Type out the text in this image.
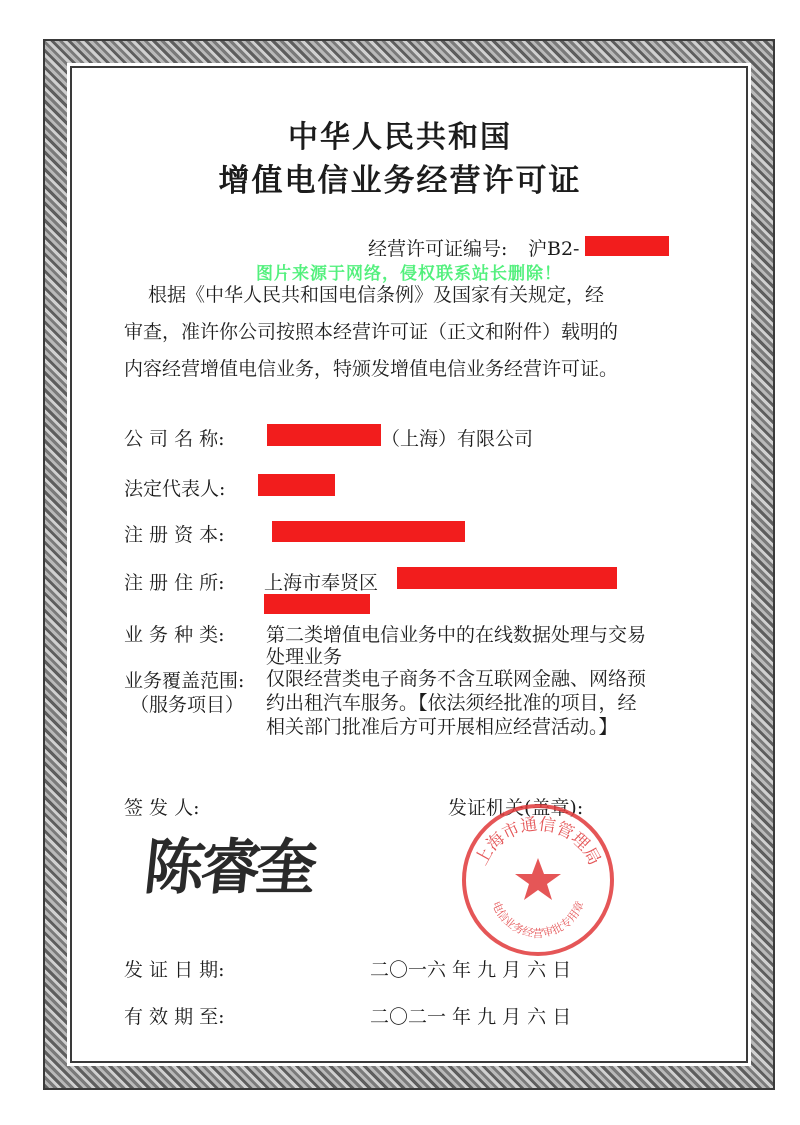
中华人民共和国
增值电信业务经营许可证
经营许可证编号: 沪B2-
图片来源于网络，侵权联系站长删除！
根据《中华人民共和国电信条例》及国家有关规定，经
审查，准许你公司按照本经营许可证（正文和附件）载明的
内容经营增值电信业务，特颁发增值电信业务经营许可证。
公 司 名 称:	（上海）有限公司
法定代表人:
注 册 资 本:
注 册 住 所: 上海市奉贤区
业 务 种 类: 第二类增值电信业务中的在线数据处理与交易
处理业务
业务覆盖范围:
（服务项目）
仅限经营类电子商务不含互联网金融、网络预
约出租汽车服务。【依法须经批准的项目，经
相关部门批准后方可开展相应经营活动。】
签 发 人:	发证机关(盖章):
陈睿奎	上海市通信管理局
电信业务经营审批专用章
发 证 日 期:	二〇一六 年 九 月 六 日
有 效 期 至:	二〇二一 年 九 月 六 日
